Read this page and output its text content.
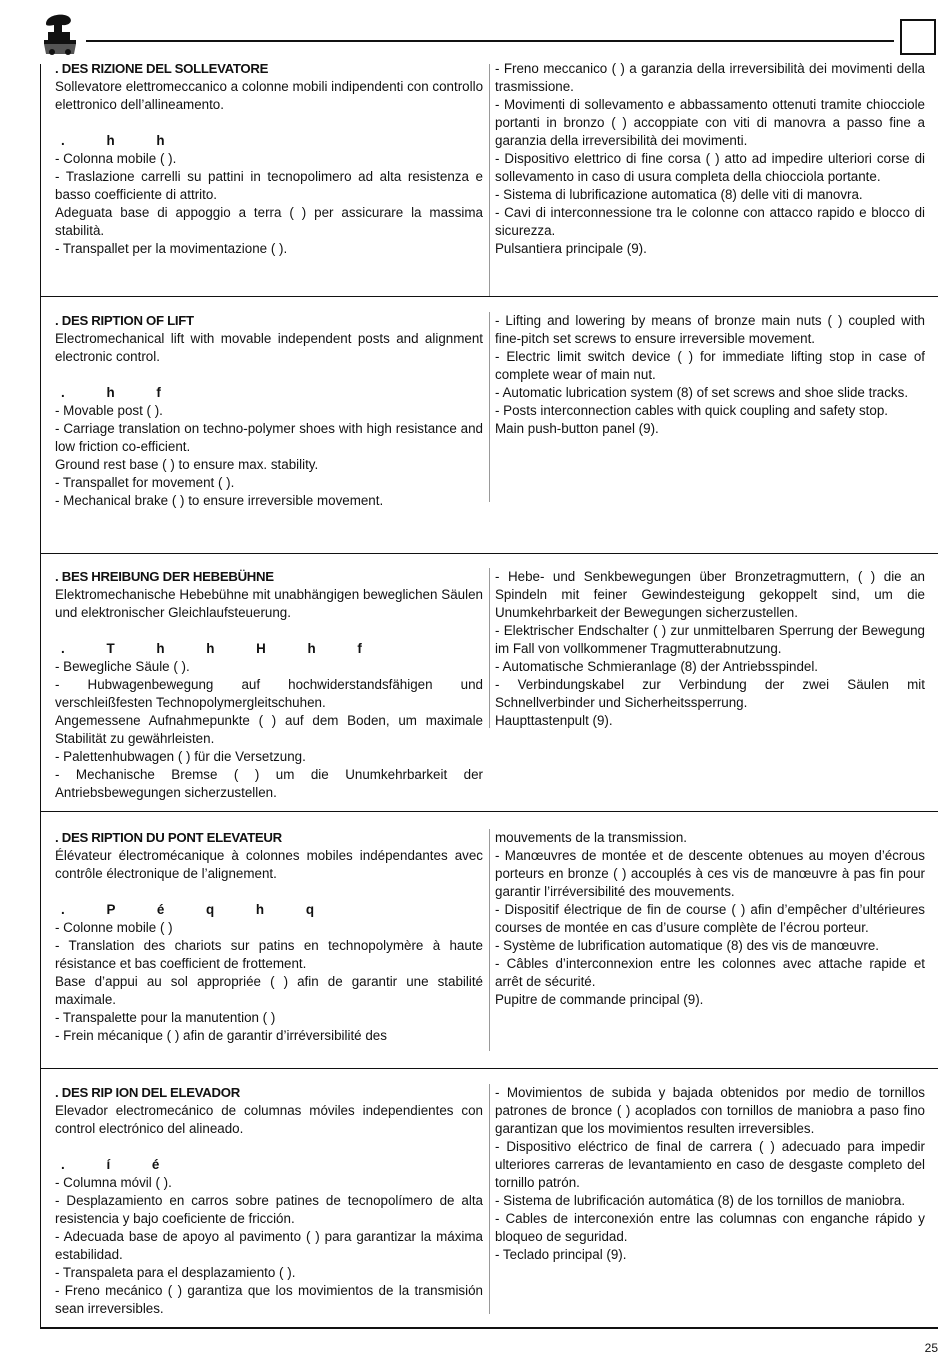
. DES RIZIONE DEL SOLLEVATORE

Sollevatore elettromeccanico a colonne mobili indipendenti con controllo elettronico dell’allineamento.

. h h

- Colonna mobile ( ).

- Traslazione carrelli su pattini in tecnopolimero ad alta resistenza e basso coefficiente di attrito.

Adeguata base di appoggio a terra ( ) per assicurare la massima stabilità.

- Transpallet per la movimentazione ( ).

- Freno meccanico ( ) a garanzia della irreversibilità dei movimenti della trasmissione.

- Movimenti di sollevamento e abbassamento ottenuti tramite chiocciole portanti in bronzo ( ) accoppiate con viti di manovra a passo fine a garanzia della irreversibilità dei movimenti.

- Dispositivo elettrico di fine corsa ( ) atto ad impedire ulteriori corse di sollevamento in caso di usura completa della chiocciola portante.

- Sistema di lubrificazione automatica (8) delle viti di manovra.

- Cavi di interconnessione tra le colonne con attacco rapido e blocco di sicurezza.

Pulsantiera principale (9).

. DES RIPTION OF LIFT

Electromechanical lift with movable independent posts and alignment electronic control.

. h f

- Movable post ( ).

- Carriage translation on techno-polymer shoes with high resistance and low friction co-efficient.

Ground rest base ( ) to ensure max. stability.

- Transpallet for movement ( ).

- Mechanical brake ( ) to ensure irreversible movement.

- Lifting and lowering by means of bronze main nuts ( ) coupled with fine-pitch set screws to ensure irreversible movement.

- Electric limit switch device ( ) for immediate lifting stop in case of complete wear of main nut.

- Automatic lubrication system (8) of set screws and shoe slide tracks.

- Posts interconnection cables with quick coupling and safety stop.

Main push-button panel (9).

. BES HREIBUNG DER HEBEBÜHNE

Elektromechanische Hebebühne mit unabhängigen beweglichen Säulen und elektronischer Gleichlaufsteuerung.

. T h h H h f

- Bewegliche Säule ( ).

- Hubwagenbewegung auf hochwiderstandsfähigen und verschleißfesten Technopolymergleitschuhen.

Angemessene Aufnahmepunkte ( ) auf dem Boden, um maximale Stabilität zu gewährleisten.

- Palettenhubwagen ( ) für die Versetzung.

- Mechanische Bremse ( ) um die Unumkehrbarkeit der Antriebsbewegungen sicherzustellen.

- Hebe- und Senkbewegungen über Bronzetragmuttern, ( ) die an Spindeln mit feiner Gewindesteigung gekoppelt sind, um die Unumkehrbarkeit der Bewegungen sicherzustellen.

- Elektrischer Endschalter ( ) zur unmittelbaren Sperrung der Bewegung im Fall von vollkommener Tragmutterabnutzung.

- Automatische Schmieranlage (8) der Antriebsspindel.

- Verbindungskabel zur Verbindung der zwei Säulen mit Schnellverbinder und Sicherheitssperrung.

Haupttastenpult (9).

. DES RIPTION DU PONT ELEVATEUR

Élévateur électromécanique à colonnes mobiles indépendantes avec contrôle électronique de l’alignement.

. P é q h q

- Colonne mobile ( )

- Translation des chariots sur patins en technopolymère à haute résistance et bas coefficient de frottement.

Base d’appui au sol appropriée ( ) afin de garantir une stabilité maximale.

- Transpalette pour la manutention ( )

- Frein mécanique ( ) afin de garantir d’irréversibilité des

mouvements de la transmission.

- Manœuvres de montée et de descente obtenues au moyen d’écrous porteurs en bronze ( ) accouplés à ces vis de manœuvre à pas fin pour garantir l’irréversibilité des mouvements.

- Dispositif électrique de fin de course ( ) afin d’empêcher d’ultérieures courses de montée en cas d’usure complète de l’écrou porteur.

- Système de lubrification automatique (8) des vis de manœuvre.

- Câbles d’interconnexion entre les colonnes avec attache rapide et arrêt de sécurité.

Pupitre de commande principal (9).

. DES RIP ION DEL ELEVADOR

Elevador electromecánico de columnas móviles independientes con control electrónico del alineado.

. í é

- Columna móvil ( ).

- Desplazamiento en carros sobre patines de tecnopolímero de alta resistencia y bajo coeficiente de fricción.

- Adecuada base de apoyo al pavimento ( ) para garantizar la máxima estabilidad.

- Transpaleta para el desplazamiento ( ).

- Freno mecánico ( ) garantiza que los movimientos de la transmisión sean irreversibles.

- Movimientos de subida y bajada obtenidos por medio de tornillos patrones de bronce ( ) acoplados con tornillos de maniobra a paso fino garantizan que los movimientos resulten irreversibles.

- Dispositivo eléctrico de final de carrera ( ) adecuado para impedir ulteriores carreras de levantamiento en caso de desgaste completo del tornillo patrón.

- Sistema de lubrificación automática (8) de los tornillos de maniobra.

- Cables de interconexión entre las columnas con enganche rápido y bloqueo de seguridad.

- Teclado principal (9).

25
